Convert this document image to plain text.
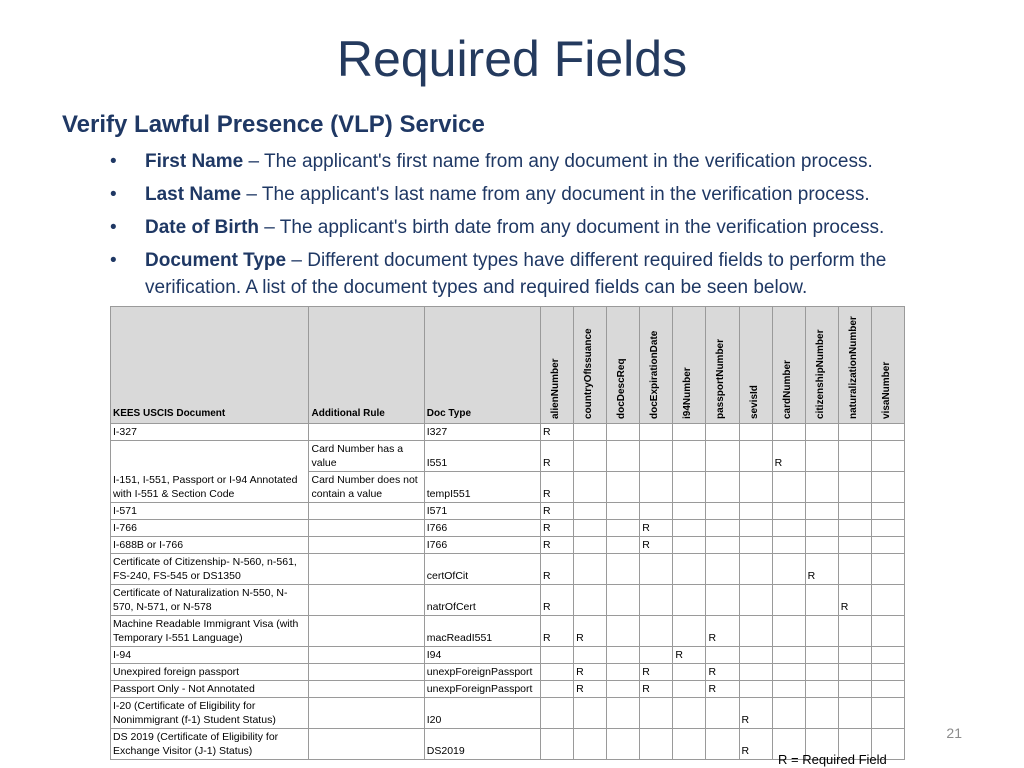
Required Fields
Verify Lawful Presence (VLP) Service
• First Name – The applicant's first name from any document in the verification process.
• Last Name – The applicant's last name from any document in the verification process.
• Date of Birth – The applicant's birth date from any document in the verification process.
• Document Type – Different document types have different required fields to perform the verification. A list of the document types and required fields can be seen below.
KEES USCIS Document	Additional Rule	Doc Type	alienNumber	countryOfIssuance	docDescReq	docExpirationDate	i94Number	passportNumber	sevisId	cardNumber	citizenshipNumber	naturalizationNumber	visaNumber

I-327		I327	R										
I-151, I-551, Passport or I-94 Annotated with I-551 & Section Code	Card Number has a value	I551	R							R			
	Card Number does not contain a value	tempI551	R										
I-571		I571	R										
I-766		I766	R			R							
I-688B or I-766		I766	R			R							
Certificate of Citizenship- N-560, n-561, FS-240, FS-545 or DS1350		certOfCit	R								R		
Certificate of Naturalization N-550, N-570, N-571, or N-578		natrOfCert	R									R	
Machine Readable Immigrant Visa (with Temporary I-551 Language)		macReadI551	R	R				R					
I-94		I94					R						
Unexpired foreign passport		unexpForeignPassport		R		R		R					
Passport Only - Not Annotated		unexpForeignPassport		R		R		R					
I-20 (Certificate of Eligibility for Nonimmigrant (f-1) Student Status)		I20							R				
DS 2019 (Certificate of Eligibility for Exchange Visitor (J-1) Status)		DS2019							R				
21
R = Required Field
